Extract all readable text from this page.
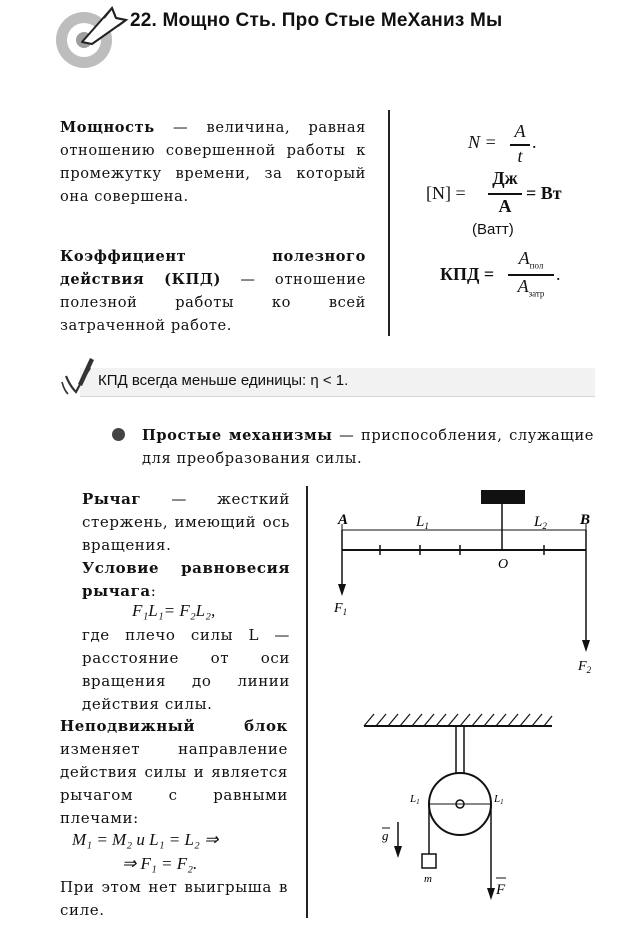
22. Мощно Сть. Про Стые МеХаниз Мы
Мощность — величина, равная отношению совершенной работы к промежутку времени, за который она совершена.
Коэффициент полезного действия (КПД) — отношение полезной работы ко всей затраченной работе.
N =
A
t
.
[N] =
Дж
A
= Вт
(Ватт)
КПД =
$A_{пол}$
$A_{затр}$
.
КПД всегда меньше единицы: η < 1.
Простые механизмы — приспособления, служащие для преобразования силы.
Рычаг — жесткий стержень, имеющий ось вращения.
Условие равновесия рычага:
F₁L₁= F₂L₂,
где плечо силы L — расстояние от оси вращения до линии действия силы.
Неподвижный блок изменяет направление действия силы и является рычагом с равными плечами:
M₁ = M₂ и L₁ = L₂ ⇒
⇒ F₁ = F₂.
При этом нет выигрыша в силе.
A	B
$L_1$	$L_2$
O
$F_1$
$F_2$
L1	L1
g
m
F
